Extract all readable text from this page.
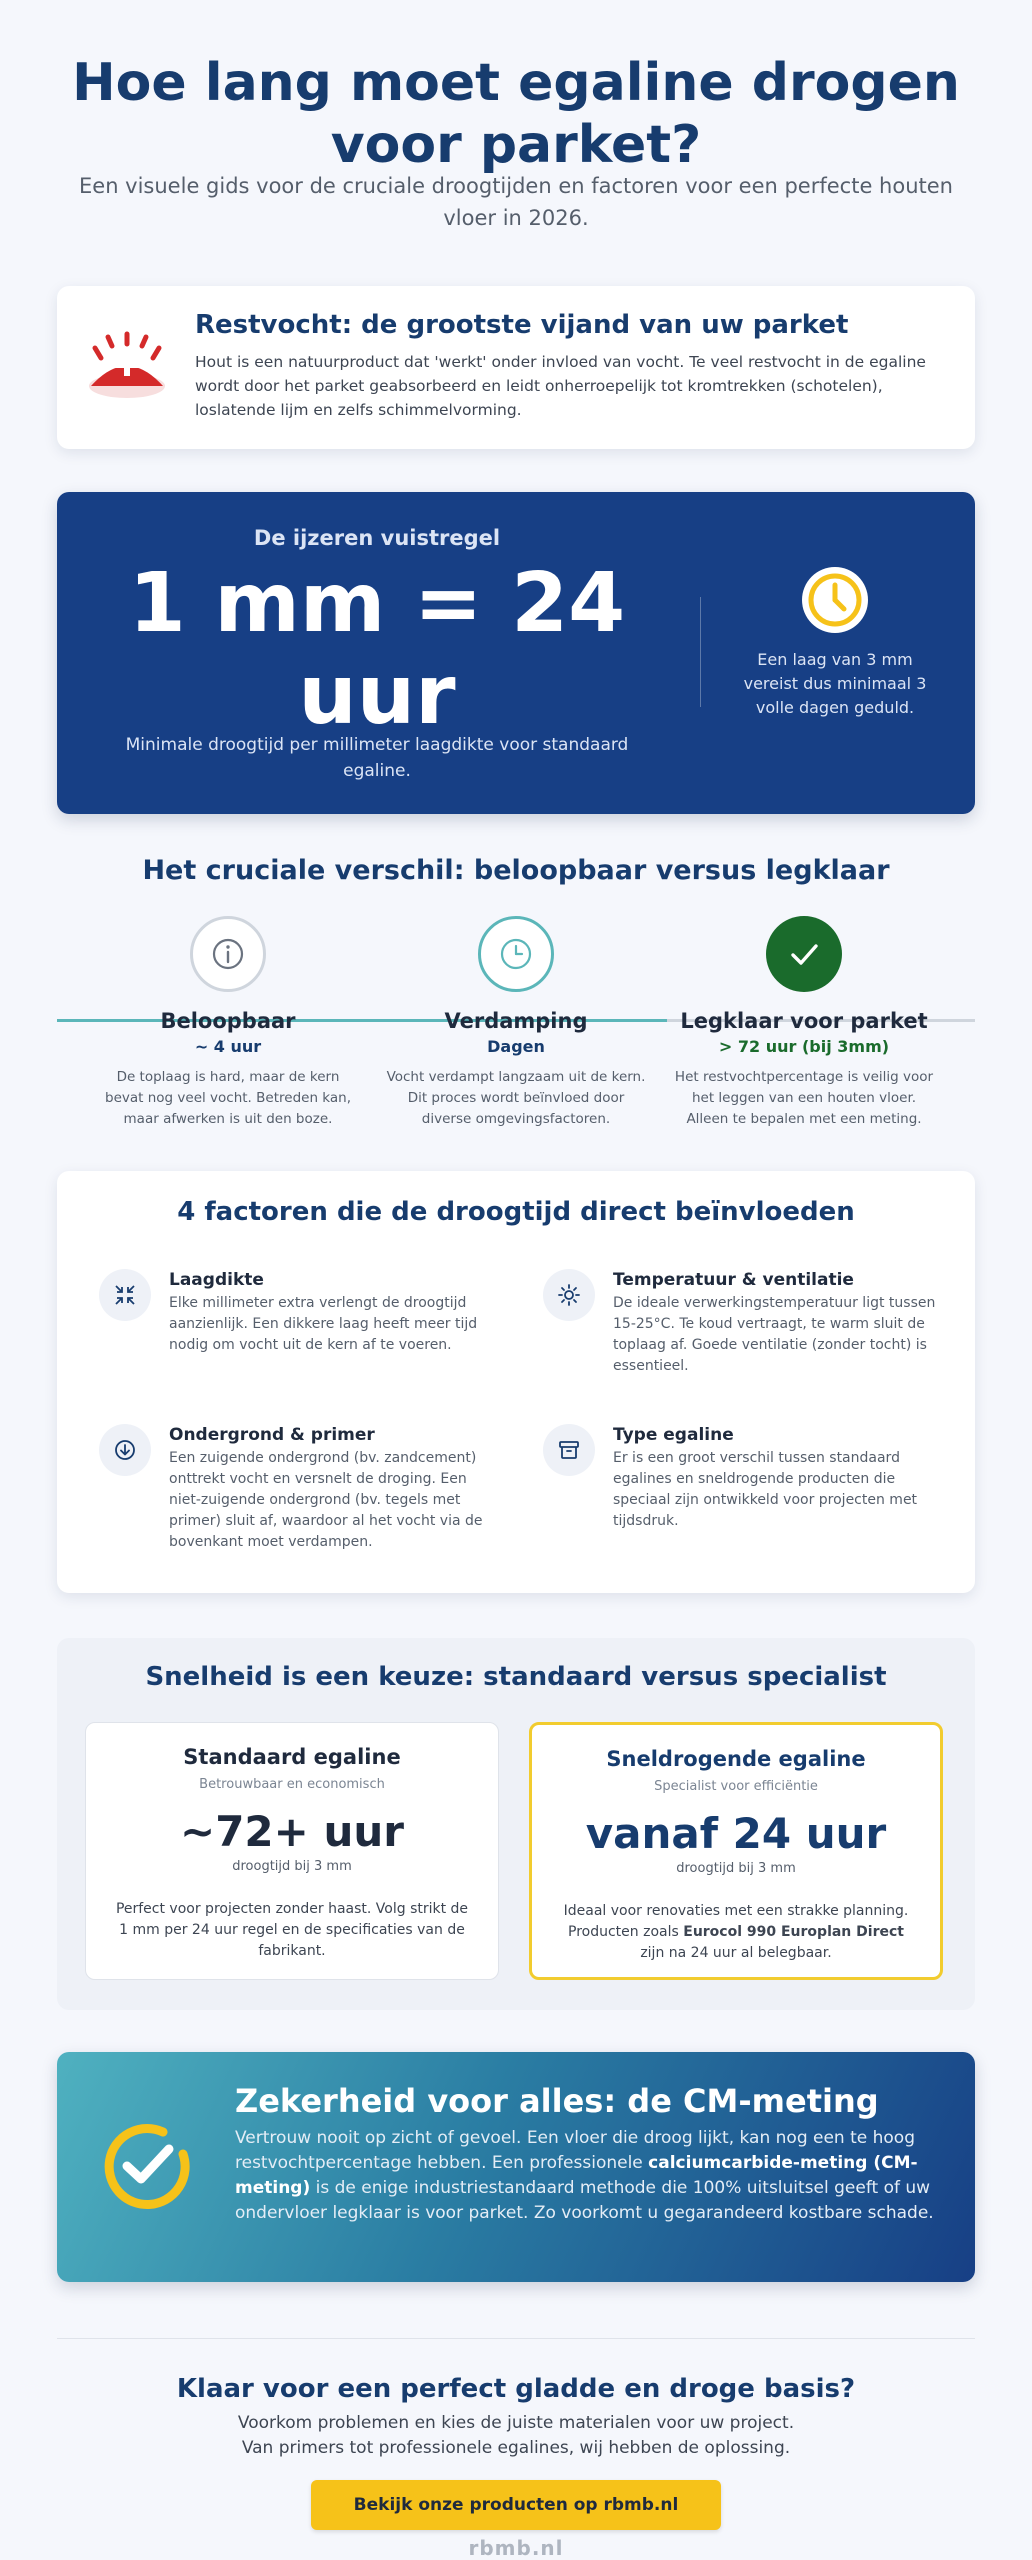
Hoe lang moet egaline drogen voor parket?
Een visuele gids voor de cruciale droogtijden en factoren voor een perfecte houten vloer in 2026.
Restvocht: de grootste vijand van uw parket
Hout is een natuurproduct dat 'werkt' onder invloed van vocht. Te veel restvocht in de egaline wordt door het parket geabsorbeerd en leidt onherroepelijk tot kromtrekken (schotelen), loslatende lijm en zelfs schimmelvorming.
De ijzeren vuistregel
1 mm = 24 uur
Minimale droogtijd per millimeter laagdikte voor standaard egaline.
Een laag van 3 mm vereist dus minimaal 3 volle dagen geduld.
Het cruciale verschil: beloopbaar versus legklaar
Beloopbaar
~ 4 uur
De toplaag is hard, maar de kern bevat nog veel vocht. Betreden kan, maar afwerken is uit den boze.
Verdamping
Dagen
Vocht verdampt langzaam uit de kern. Dit proces wordt beïnvloed door diverse omgevingsfactoren.
Legklaar voor parket
> 72 uur (bij 3mm)
Het restvochtpercentage is veilig voor het leggen van een houten vloer. Alleen te bepalen met een meting.
4 factoren die de droogtijd direct beïnvloeden
Laagdikte
Elke millimeter extra verlengt de droogtijd aanzienlijk. Een dikkere laag heeft meer tijd nodig om vocht uit de kern af te voeren.
Temperatuur & ventilatie
De ideale verwerkingstemperatuur ligt tussen 15-25°C. Te koud vertraagt, te warm sluit de toplaag af. Goede ventilatie (zonder tocht) is essentieel.
Ondergrond & primer
Een zuigende ondergrond (bv. zandcement) onttrekt vocht en versnelt de droging. Een niet-zuigende ondergrond (bv. tegels met primer) sluit af, waardoor al het vocht via de bovenkant moet verdampen.
Type egaline
Er is een groot verschil tussen standaard egalines en sneldrogende producten die speciaal zijn ontwikkeld voor projecten met tijdsdruk.
Snelheid is een keuze: standaard versus specialist
Standaard egaline
Betrouwbaar en economisch
~72+ uur
droogtijd bij 3 mm
Perfect voor projecten zonder haast. Volg strikt de 1 mm per 24 uur regel en de specificaties van de fabrikant.
Sneldrogende egaline
Specialist voor efficiëntie
vanaf 24 uur
droogtijd bij 3 mm
Ideaal voor renovaties met een strakke planning. Producten zoals Eurocol 990 Europlan Direct zijn na 24 uur al belegbaar.
Zekerheid voor alles: de CM-meting
Vertrouw nooit op zicht of gevoel. Een vloer die droog lijkt, kan nog een te hoog restvochtpercentage hebben. Een professionele calciumcarbide-meting (CM-meting) is de enige industriestandaard methode die 100% uitsluitsel geeft of uw ondervloer legklaar is voor parket. Zo voorkomt u gegarandeerd kostbare schade.
Klaar voor een perfect gladde en droge basis?
Voorkom problemen en kies de juiste materialen voor uw project.
Van primers tot professionele egalines, wij hebben de oplossing.
Bekijk onze producten op rbmb.nl
rbmb.nl
